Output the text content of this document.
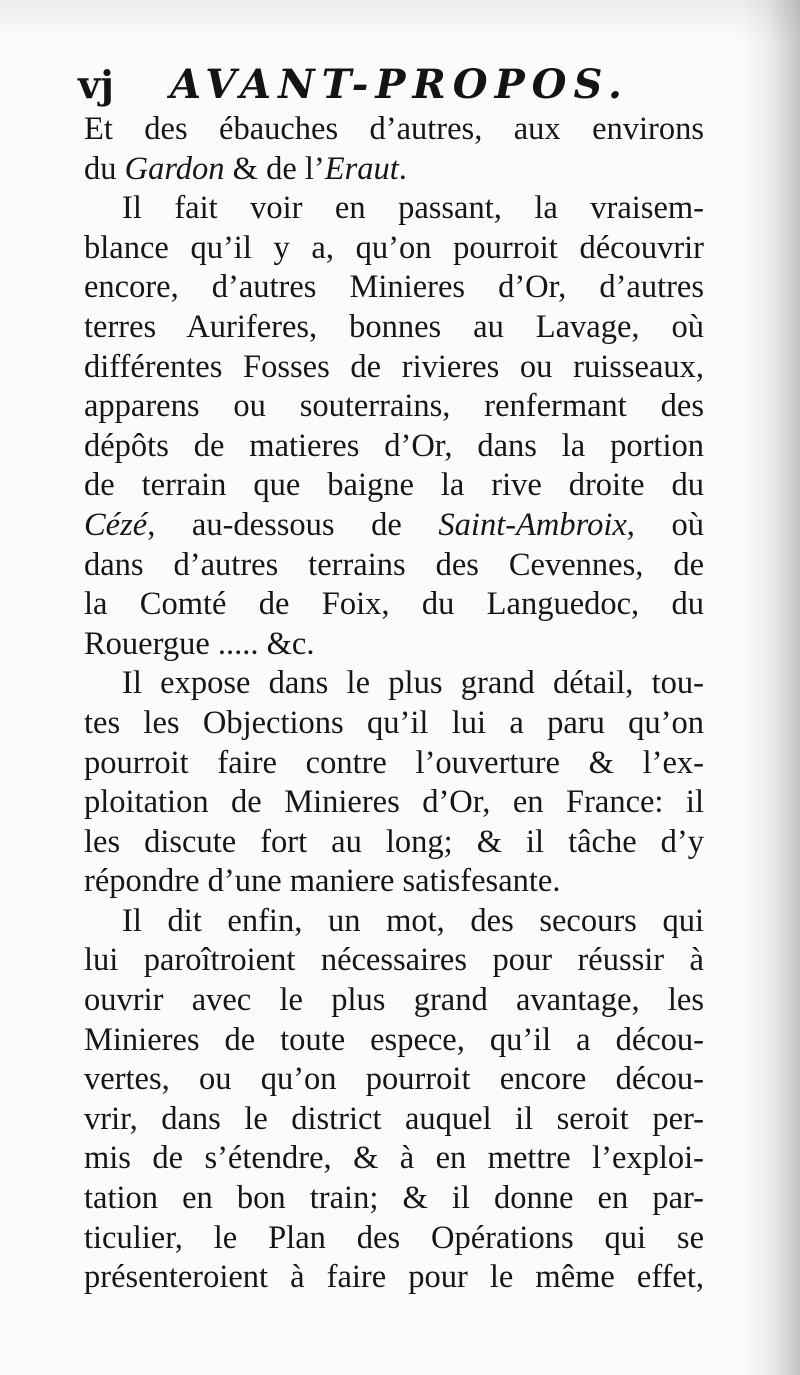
vj AVANT-PROPOS.
Et des ébauches d’autres, aux environs
du Gardon & de l’Eraut.
Il fait voir en passant, la vraisem-
blance qu’il y a, qu’on pourroit découvrir
encore, d’autres Minieres d’Or, d’autres
terres Auriferes, bonnes au Lavage, où
différentes Fosses de rivieres ou ruisseaux,
apparens ou souterrains, renfermant des
dépôts de matieres d’Or, dans la portion
de terrain que baigne la rive droite du
Cézé, au-dessous de Saint-Ambroix, où
dans d’autres terrains des Cevennes, de
la Comté de Foix, du Languedoc, du
Rouergue ..... &c.
Il expose dans le plus grand détail, tou-
tes les Objections qu’il lui a paru qu’on
pourroit faire contre l’ouverture & l’ex-
ploitation de Minieres d’Or, en France: il
les discute fort au long; & il tâche d’y
répondre d’une maniere satisfesante.
Il dit enfin, un mot, des secours qui
lui paroîtroient nécessaires pour réussir à
ouvrir avec le plus grand avantage, les
Minieres de toute espece, qu’il a décou-
vertes, ou qu’on pourroit encore décou-
vrir, dans le district auquel il seroit per-
mis de s’étendre, & à en mettre l’exploi-
tation en bon train; & il donne en par-
ticulier, le Plan des Opérations qui se
présenteroient à faire pour le même effet,
